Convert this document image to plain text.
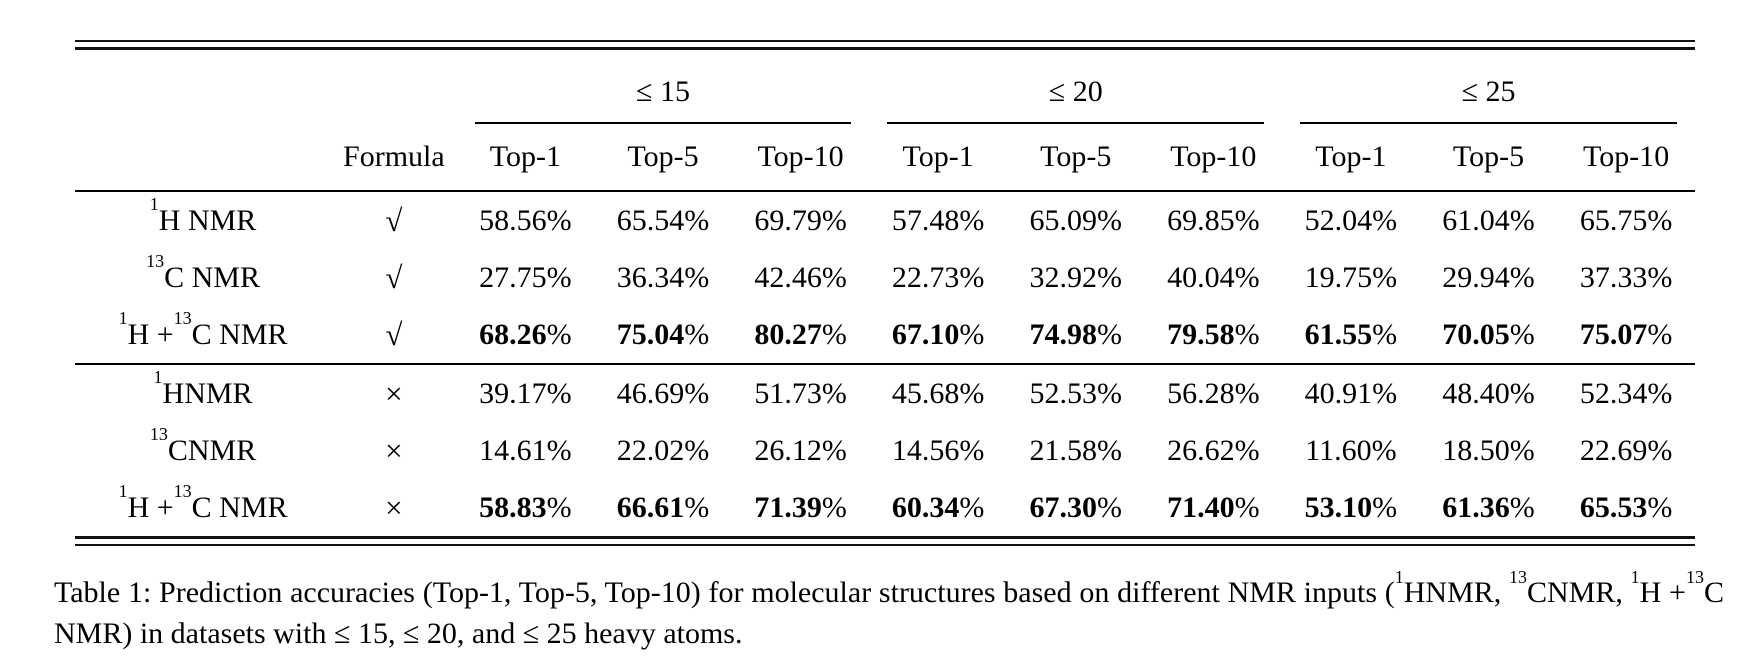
		≤ 15			≤ 20			≤ 25		

	Formula	Top-1	Top-5	Top-10	Top-1	Top-5	Top-10	Top-1	Top-5	Top-10
$^1$H NMR	√	58.56%	65.54%	69.79%	57.48%	65.09%	69.85%	52.04%	61.04%	65.75%
$^{13}$C NMR	√	27.75%	36.34%	42.46%	22.73%	32.92%	40.04%	19.75%	29.94%	37.33%
$^1$H +$^{13}$C NMR	√	68.26%	75.04%	80.27%	67.10%	74.98%	79.58%	61.55%	70.05%	75.07%
$^1$HNMR	×	39.17%	46.69%	51.73%	45.68%	52.53%	56.28%	40.91%	48.40%	52.34%
$^{13}$CNMR	×	14.61%	22.02%	26.12%	14.56%	21.58%	26.62%	11.60%	18.50%	22.69%
$^1$H +$^{13}$C NMR	×	58.83%	66.61%	71.39%	60.34%	67.30%	71.40%	53.10%	61.36%	65.53%

Table 1: Prediction accuracies (Top-1, Top-5, Top-10) for molecular structures based on different NMR inputs ($^1$HNMR, $^{13}$CNMR, $^1$H +$^{13}$C NMR) in datasets with ≤ 15, ≤ 20, and ≤ 25 heavy atoms.
